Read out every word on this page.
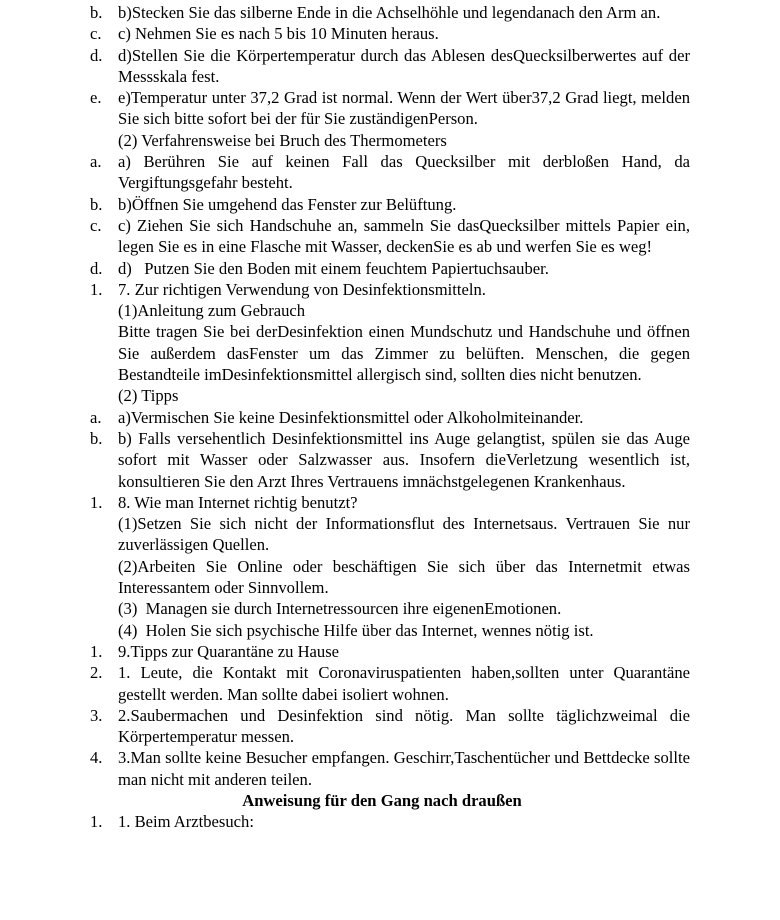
b. b)Stecken Sie das silberne Ende in die Achselhöhle und legendanach den Arm an.
c. c) Nehmen Sie es nach 5 bis 10 Minuten heraus.
d. d)Stellen Sie die Körpertemperatur durch das Ablesen desQuecksilberwertes auf der Messskala fest.
e. e)Temperatur unter 37,2 Grad ist normal. Wenn der Wert über37,2 Grad liegt, melden Sie sich bitte sofort bei der für Sie zuständigenPerson.
(2) Verfahrensweise bei Bruch des Thermometers
a. a) Berühren Sie auf keinen Fall das Quecksilber mit derbloßen Hand, da Vergiftungsgefahr besteht.
b. b)Öffnen Sie umgehend das Fenster zur Belüftung.
c. c) Ziehen Sie sich Handschuhe an, sammeln Sie dasQuecksilber mittels Papier ein, legen Sie es in eine Flasche mit Wasser, deckenSie es ab und werfen Sie es weg!
d. d)   Putzen Sie den Boden mit einem feuchtem Papiertuchsauber.
1. 7. Zur richtigen Verwendung von Desinfektionsmitteln.
(1)Anleitung zum Gebrauch
Bitte tragen Sie bei derDesinfektion einen Mundschutz und Handschuhe und öffnen Sie außerdem dasFenster um das Zimmer zu belüften. Menschen, die gegen Bestandteile imDesinfektionsmittel allergisch sind, sollten dies nicht benutzen.
(2) Tipps
a. a)Vermischen Sie keine Desinfektionsmittel oder Alkoholmiteinander.
b. b) Falls versehentlich Desinfektionsmittel ins Auge gelangtist, spülen sie das Auge sofort mit Wasser oder Salzwasser aus. Insofern dieVerletzung wesentlich ist, konsultieren Sie den Arzt Ihres Vertrauens imnächstgelegenen Krankenhaus.
1. 8. Wie man Internet richtig benutzt?
(1)Setzen Sie sich nicht der Informationsflut des Internetsaus. Vertrauen Sie nur zuverlässigen Quellen.
(2)Arbeiten Sie Online oder beschäftigen Sie sich über das Internetmit etwas Interessantem oder Sinnvollem.
(3)  Managen sie durch Internetressourcen ihre eigenenEmotionen.
(4)  Holen Sie sich psychische Hilfe über das Internet, wennes nötig ist.
1. 9.Tipps zur Quarantäne zu Hause
2. 1. Leute, die Kontakt mit Coronaviruspatienten haben,sollten unter Quarantäne gestellt werden. Man sollte dabei isoliert wohnen.
3. 2.Saubermachen und Desinfektion sind nötig. Man sollte täglichzweimal die Körpertemperatur messen.
4. 3.Man sollte keine Besucher empfangen. Geschirr,Taschentücher und Bettdecke sollte man nicht mit anderen teilen.
Anweisung für den Gang nach draußen
1. 1. Beim Arztbesuch:
